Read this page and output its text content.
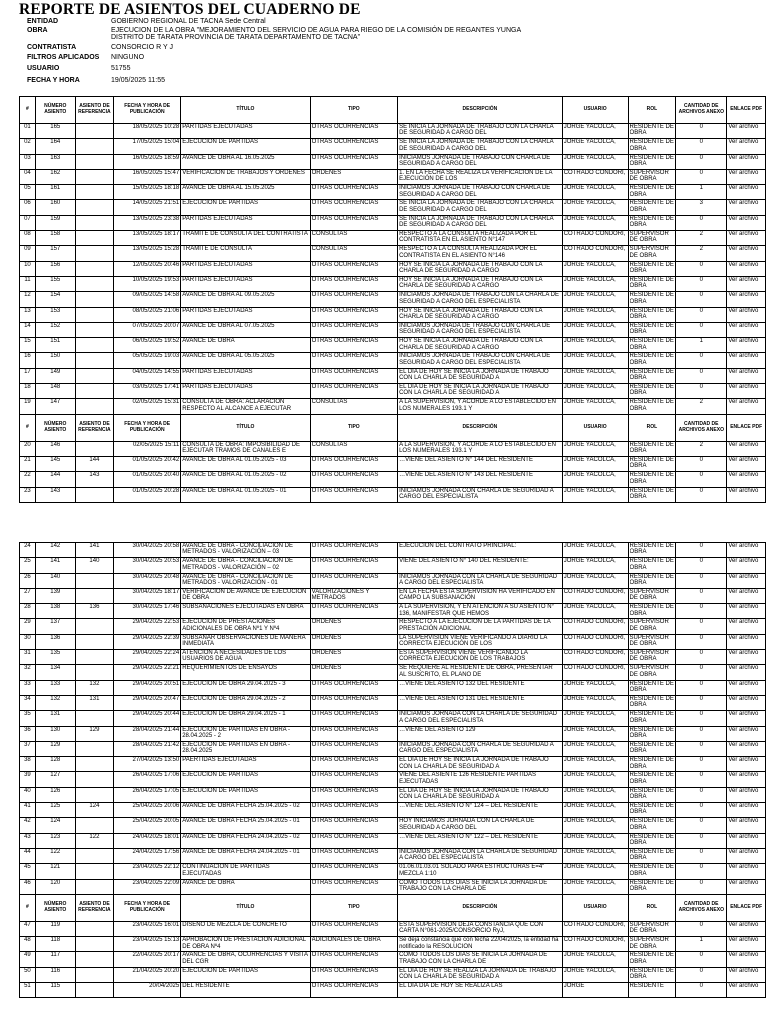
REPORTE DE ASIENTOS DEL CUADERNO DE
ENTIDAD	GOBIERNO REGIONAL DE TACNA Sede Central
OBRA	EJECUCION DE LA OBRA "MEJORAMIENTO DEL SERVICIO DE AGUA PARA RIEGO DE LA COMISIÓN DE REGANTES YUNGA DISTRITO DE TARATA PROVINCIA DE TARATA DEPARTAMENTO DE TACNA"
CONTRATISTA	CONSORCIO R Y J
FILTROS APLICADOS	NINGUNO
USUARIO	51755
FECHA Y HORA	19/05/2025 11:55
#	NÚMERO ASIENTO	ASIENTO DE REFERENCIA	FECHA Y HORA DE PUBLICACIÓN	TÍTULO	TIPO	DESCRIPCIÓN	USUARIO	ROL	CANTIDAD DE ARCHIVOS ANEXO	ENLACE PDF

01	165		18/05/2025 10:28	PARTIDAS EJECUTADAS	OTRAS OCURRENCIAS	SE INICIA LA JORNADA DE TRABAJO CON LA CHARLA DE SEGURIDAD A CARGO DEL	JORGE YACOLCA,	RESIDENTE DE OBRA	0	Ver archivo

02	164		17/05/2025 15:04	EJECUCION DE PARTIDAS	OTRAS OCURRENCIAS	SE INICIA LA JORNADA DE TRABAJO CON LA CHARLA DE SEGURIDAD A CARGO DEL	JORGE YACOLCA,	RESIDENTE DE OBRA	0	Ver archivo

03	163		16/05/2025 18:59	AVANCE DE OBRA AL 16.05.2025	OTRAS OCURRENCIAS	INICIAMOS JORNADA DE TRABAJO CON CHARLA DE SEGURIDAD A CARGO DEL	JORGE YACOLCA,	RESIDENTE DE OBRA	0	Ver archivo

04	162		16/05/2025 15:47	VERIFICACIÓN DE TRABAJOS Y ÓRDENES	ÓRDENES	1. EN LA FECHA SE REALIZA LA VERIFICACIÓN DE LA EJECUCIÓN DE LOS	COTRADO CONDORI,	SUPERVISOR DE OBRA	0	Ver archivo

05	161		15/05/2025 18:18	AVANCE DE OBRA AL 15.05.2025	OTRAS OCURRENCIAS	INICIAMOS JORNADA DE TRABAJO CON CHARLA DE SEGURIDAD A CARGO DEL	JORGE YACOLCA,	RESIDENTE DE OBRA	1	Ver archivo

06	160		14/05/2025 21:51	EJECUCION DE PARTIDAS	OTRAS OCURRENCIAS	SE INICIA LA JORNADA DE TRABAJO CON LA CHARLA DE SEGURIDAD A CARGO DEL	JORGE YACOLCA,	RESIDENTE DE OBRA	3	Ver archivo

07	159		13/05/2025 23:38	PARTIDAS EJECUTADAS	OTRAS OCURRENCIAS	SE INICIA LA JORNADA DE TRABAJO CON LA CHARLA DE SEGURIDAD A CARGO DEL	JORGE YACOLCA,	RESIDENTE DE OBRA	0	Ver archivo

08	158		13/05/2025 18:17	TRAMITE DE CONSULTA DEL CONTRATISTA	CONSULTAS	RESPECTO A LA CONSULTA REALIZADA POR EL CONTRATISTA EN EL ASIENTO N°147	COTRADO CONDORI,	SUPERVISOR DE OBRA	2	Ver archivo

09	157		13/05/2025 15:28	TRAMITE DE CONSULTA	CONSULTAS	RESPECTO A LA CONSULTA REALIZADA POR EL CONTRATISTA EN EL ASIENTO N°146	COTRADO CONDORI,	SUPERVISOR DE OBRA	2	Ver archivo

10	156		12/05/2025 20:46	PARTIDAS EJECUTADAS	OTRAS OCURRENCIAS	HOY SE INICIA LA JORNADA DE TRABAJO CON LA CHARLA DE SEGURIDAD A CARGO	JORGE YACOLCA,	RESIDENTE DE OBRA	0	Ver archivo

11	155		10/05/2025 19:53	PARTIDAS EJECUTADAS	OTRAS OCURRENCIAS	HOY SE INICIA LA JORNADA DE TRABAJO CON LA CHARLA DE SEGURIDAD A CARGO	JORGE YACOLCA,	RESIDENTE DE OBRA	0	Ver archivo

12	154		09/05/2025 14:58	AVANCE DE OBRA AL 09.05.2025	OTRAS OCURRENCIAS	INICIAMOS JORNADA DE TRABAJO CON LA CHARLA DE SEGURIDAD A CARGO DEL ESPECIALISTA	JORGE YACOLCA,	RESIDENTE DE OBRA	0	Ver archivo

13	153		08/05/2025 21:06	PARTIDAS EJECUTADAS	OTRAS OCURRENCIAS	HOY SE INICIA LA JORNADA DE TRABAJO CON LA CHARLA DE SEGURIDAD A CARGO	JORGE YACOLCA,	RESIDENTE DE OBRA	0	Ver archivo

14	152		07/05/2025 20:07	AVANCE DE OBRA AL 07.05.2025	OTRAS OCURRENCIAS	INICIAMOS JORNADA DE TRABAJO CON CHARLA DE SEGURIDAD A CARGO DEL ESPECIALISTA	JORGE YACOLCA,	RESIDENTE DE OBRA	0	Ver archivo

15	151		06/05/2025 19:52	AVANCE DE OBRA	OTRAS OCURRENCIAS	HOY SE INICIA LA JORNADA DE TRABAJO CON LA CHARLA DE SEGURIDAD A CARGO	JORGE YACOLCA,	RESIDENTE DE OBRA	1	Ver archivo

16	150		05/05/2025 19:03	AVANCE DE OBRA AL 05.05.2025	OTRAS OCURRENCIAS	INICIAMOS JORNADA DE TRABAJO CON CHARLA DE SEGURIDAD A CARGO DEL ESPECIALISTA	JORGE YACOLCA,	RESIDENTE DE OBRA	0	Ver archivo

17	149		04/05/2025 14:55	PARTIDAS EJECUTADAS	OTRAS OCURRENCIAS	EL DIA DE HOY SE INICIA LA JORNADA DE TRABAJO CON LA CHARLA DE SEGURIDAD A	JORGE YACOLCA,	RESIDENTE DE OBRA	0	Ver archivo

18	148		03/05/2025 17:41	PARTIDAS EJECUTADAS	OTRAS OCURRENCIAS	EL DIA DE HOY SE INICIA LA JORNADA DE TRABAJO CON LA CHARLA DE SEGURIDAD A	JORGE YACOLCA,	RESIDENTE DE OBRA	0	Ver archivo

19	147		02/05/2025 15:31	CONSULTA DE OBRA: ACLARACIÓN RESPECTO AL ALCANCE A EJECUTAR	CONSULTAS	A LA SUPERVISIÓN, Y ACORDE A LO ESTABLECIDO EN LOS NUMERALES 193.1 Y	JORGE YACOLCA,	RESIDENTE DE OBRA	2	Ver archivo

#	NÚMERO ASIENTO	ASIENTO DE REFERENCIA	FECHA Y HORA DE PUBLICACIÓN	TÍTULO	TIPO	DESCRIPCIÓN	USUARIO	ROL	CANTIDAD DE ARCHIVOS ANEXO	ENLACE PDF

20	146		02/05/2025 15:11	CONSULTA DE OBRA: IMPOSIBILIDAD DE EJECUTAR TRAMOS DE CANALES E	CONSULTAS	A LA SUPERVISIÓN, Y ACORDE A LO ESTABLECIDO EN LOS NUMERALES 193.1 Y	JORGE YACOLCA,	RESIDENTE DE OBRA	2	Ver archivo

21	145	144	01/05/2025 20:42	AVANCE DE OBRA AL 01.05.2025 - 03	OTRAS OCURRENCIAS	…VIENE DEL ASIENTO N° 144 DEL RESIDENTE	JORGE YACOLCA,	RESIDENTE DE OBRA	0	Ver archivo

22	144	143	01/05/2025 20:40	AVANCE DE OBRA AL 01.05.2025 - 02	OTRAS OCURRENCIAS	…VIENE DEL ASIENTO N° 143 DEL RESIDENTE	JORGE YACOLCA,	RESIDENTE DE OBRA	0	Ver archivo

23	143		01/05/2025 20:28	AVANCE DE OBRA AL 01.05.2025 - 01	OTRAS OCURRENCIAS	INICIAMOS JORNADA CON CHARLA DE SEGURIDAD A CARGO DEL ESPECIALISTA	JORGE YACOLCA,	RESIDENTE DE OBRA	0	Ver archivo
24	142	141	30/04/2025 20:58	AVANCE DE OBRA - CONCILIACIÓN DE METRADOS - VALORIZACIÓN – 03	OTRAS OCURRENCIAS	EJECUCIÓN DEL CONTRATO PRINCIPAL:	JORGE YACOLCA,	RESIDENTE DE OBRA	0	Ver archivo

25	141	140	30/04/2025 20:53	AVANCE DE OBRA - CONCILIACIÓN DE METRADOS - VALORIZACIÓN – 02	OTRAS OCURRENCIAS	VIENE DEL ASIENTO N° 140 DEL RESIDENTE:	JORGE YACOLCA,	RESIDENTE DE OBRA	0	Ver archivo

26	140		30/04/2025 20:48	AVANCE DE OBRA - CONCILIACIÓN DE METRADOS - VALORIZACIÓN - 01	OTRAS OCURRENCIAS	INICIAMOS JORNADA CON LA CHARLA DE SEGURIDAD A CARGO DEL ESPECIALISTA	JORGE YACOLCA,	RESIDENTE DE OBRA	0	Ver archivo

27	139		30/04/2025 18:17	VERIFICACIÓN DE AVANCE DE EJECUCIÓN DE OBRA	VALORIZACIONES Y METRADOS	EN LA FECHA ESTA SUPERVISIÓN HA VERIFICADO EN CAMPO LA SUBSANACIÓN	COTRADO CONDORI,	SUPERVISOR DE OBRA	0	Ver archivo

28	138	136	30/04/2025 17:46	SUBSANACIONES EJECUTADAS EN OBRA	OTRAS OCURRENCIAS	A LA SUPERVISIÓN, Y EN ATENCIÓN A SU ASIENTO N° 136, MANIFESTAR QUE HEMOS	JORGE YACOLCA,	RESIDENTE DE OBRA	0	Ver archivo

29	137		29/04/2025 22:53	EJECUCIÓN DE PRESTACIONES ADICIONALES DE OBRA Nº1 Y Nº4	ÓRDENES	RESPECTO A LA EJECUCIÓN DE LA PARTIDAS DE LA PRESTACIÓN ADICIONAL	COTRADO CONDORI,	SUPERVISOR DE OBRA	0	Ver archivo

30	136		29/04/2025 22:39	SUBSANAR OBSERVACIONES DE MANERA INMEDIATA	ÓRDENES	LA SUPERVISIÓN VIENE VERIFICANDO A DIARIO LA CORRECTA EJECUCIÓN DE LOS	COTRADO CONDORI,	SUPERVISOR DE OBRA	0	Ver archivo

31	135		29/04/2025 22:24	ATENCION A NECESIDADES DE LOS USUARIOS DE AGUA	ÓRDENES	ESTA SUPERVISIÓN VIENE VERIFICANDO LA CORRECTA EJECUCION DE LOS TRABAJOS	COTRADO CONDORI,	SUPERVISOR DE OBRA	0	Ver archivo

32	134		29/04/2025 22:21	REQUERIMIENTOS DE ENSAYOS	ÓRDENES	SE REQUIERE AL RESIDENTE DE OBRA, PRESENTAR AL SUSCRITO, EL PLANO DE	COTRADO CONDORI,	SUPERVISOR DE OBRA	0	Ver archivo

33	133	132	29/04/2025 20:51	EJECUCIÓN DE OBRA 29.04.2025 - 3	OTRAS OCURRENCIAS	…VIENE DEL ASIENTO 132 DEL RESIDENTE	JORGE YACOLCA,	RESIDENTE DE OBRA	0	Ver archivo

34	132	131	29/04/2025 20:47	EJECUCIÓN DE OBRA 29.04.2025 - 2	OTRAS OCURRENCIAS	…VIENE DEL ASIENTO 131 DEL RESIDENTE	JORGE YACOLCA,	RESIDENTE DE OBRA	0	Ver archivo

35	131		29/04/2025 20:44	EJECUCIÓN DE OBRA 29.04.2025 - 1	OTRAS OCURRENCIAS	INICIAMOS JORNADA CON LA CHARLA DE SEGURIDAD A CARGO DEL ESPECIALISTA	JORGE YACOLCA,	RESIDENTE DE OBRA	0	Ver archivo

36	130	129	28/04/2025 21:44	EJECUCIÓN DE PARTIDAS EN OBRA - 28.04.2025 - 2	OTRAS OCURRENCIAS	…VIENE DEL ASIENTO 129	JORGE YACOLCA,	RESIDENTE DE OBRA	0	Ver archivo

37	129		28/04/2025 21:42	EJECUCIÓN DE PARTIDAS EN OBRA - 28.04.2025	OTRAS OCURRENCIAS	INICIAMOS JORNADA CON CHARLA DE SEGURIDAD A CARGO DEL ESPECIALISTA	JORGE YACOLCA,	RESIDENTE DE OBRA	0	Ver archivo

38	128		27/04/2025 13:50	PAERTIDAS EJECUTADAS	OTRAS OCURRENCIAS	EL DIA DE HOY SE INICIA LA JORNADA DE TRABAJO CON LA CHARLA DE SEGURIDAD A	JORGE YACOLCA,	RESIDENTE DE OBRA	0	Ver archivo

39	127		26/04/2025 17:06	EJECUCION DE PARTIDAS	OTRAS OCURRENCIAS	VIENE DEL ASIENTE 126 RESIDENTE PARTIDAS EJECUTADAS	JORGE YACOLCA,	RESIDENTE DE OBRA	0	Ver archivo

40	126		26/04/2025 17:05	EJECUCION DE PARTIDAS	OTRAS OCURRENCIAS	EL DIA DE HOY SE INICIA LA JORNADA DE TRABAJO CON LA CHARLA DE SEGURIDAD A	JORGE YACOLCA,	RESIDENTE DE OBRA	0	Ver archivo

41	125	124	25/04/2025 20:06	AVANCE DE OBRA FECHA 25.04.2025 - 02	OTRAS OCURRENCIAS	…VIENE DEL ASIENTO N° 124 – DEL RESIDENTE	JORGE YACOLCA,	RESIDENTE DE OBRA	0	Ver archivo

42	124		25/04/2025 20:05	AVANCE DE OBRA FECHA 25.04.2025 - 01	OTRAS OCURRENCIAS	HOY INICIAMOS JORNADA CON LA CHARLA DE SEGURIDAD A CARGO DEL	JORGE YACOLCA,	RESIDENTE DE OBRA	0	Ver archivo

43	123	122	24/04/2025 18:01	AVANCE DE OBRA FECHA 24.04.2025 - 02	OTRAS OCURRENCIAS	…VIENE DEL ASIENTO N° 122 – DEL RESIDENTE	JORGE YACOLCA,	RESIDENTE DE OBRA	0	Ver archivo

44	122		24/04/2025 17:56	AVANCE DE OBRA FECHA 24.04.2025 - 01	OTRAS OCURRENCIAS	INICIAMOS JORNADA CON LA CHARLA DE SEGURIDAD A CARGO DEL ESPECIALISTA	JORGE YACOLCA,	RESIDENTE DE OBRA	0	Ver archivo

45	121		23/04/2025 22:12	CONTINUACION DE PARTIDAS EJECUTADAS	OTRAS OCURRENCIAS	01.06.01.03.01 SOLADO PARA ESTRUCTURAS E=4" MEZCLA 1:10	JORGE YACOLCA,	RESIDENTE DE OBRA	0	Ver archivo

46	120		23/04/2025 22:09	AVANCE DE OBRA	OTRAS OCURRENCIAS	COMO TODOS LOS DIAS SE INICIA LA JORNADA DE TRABAJO CON LA CHARLA DE	JORGE YACOLCA,	RESIDENTE DE OBRA	0	Ver archivo

#	NÚMERO ASIENTO	ASIENTO DE REFERENCIA	FECHA Y HORA DE PUBLICACIÓN	TÍTULO	TIPO	DESCRIPCIÓN	USUARIO	ROL	CANTIDAD DE ARCHIVOS ANEXO	ENLACE PDF

47	119		23/04/2025 16:01	DISEÑO DE MEZCLA DE CONCRETO	OTRAS OCURRENCIAS	ESTA SUPERVISIÓN DEJA CONSTANCIA QUE CON CARTA N°061-2025/CONSORCIO RyJ,	COTRADO CONDORI,	SUPERVISOR DE OBRA	0	Ver archivo

48	118		23/04/2025 15:13	APROBACIÓN DE PRESTACION ADICIONAL DE OBRA Nº4	ADICIONALES DE OBRA	Se deja constancia que con fecha 22/04/2025, la entidad ha notificado la RESOLUCION	COTRADO CONDORI,	SUPERVISOR DE OBRA	1	Ver archivo

49	117		22/04/2025 20:17	AVANCE DE OBRA, OCURRENCIAS Y VISITA DEL CGR	OTRAS OCURRENCIAS	COMO TODOS LOS DIAS SE INICIA LA JORNADA DE TRABAJO CON LA CHARLA DE	JORGE YACOLCA,	RESIDENTE DE OBRA	0	Ver archivo

50	116		21/04/2025 20:20	EJECUCION DE PARTIDAS	OTRAS OCURRENCIAS	EL DIA DE HOY SE REALIZA LA JORNADA DE TRABAJO CON LA CHARLA DE SEGURIDAD A	JORGE YACOLCA,	RESIDENTE DE OBRA	0	Ver archivo

51	115		20/04/2025	DEL RESIDENTE	OTRAS OCURRENCIAS	EL DIA DIA DE HOY SE REALIZA LAS	JORGE	RESIDENTE	0	Ver archivo
